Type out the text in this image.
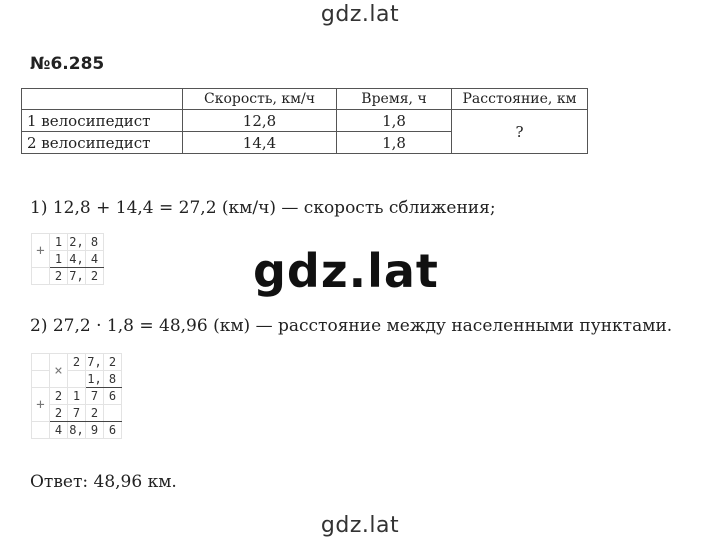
gdz.lat
№6.285
	Скорость, км/ч	Время, ч	Расстояние, км
1 велосипедист	12,8	1,8	?
2 велосипедист	14,4	1,8	
1) 12,8 + 14,4 = 27,2 (км/ч) — скорость сближения;
+	1	2,	8
	1	4,	4
	2	7,	2	gdz.lat
2) 27,2 · 1,8 = 48,96 (км) — расстояние между населенными пунктами.
	×	2	7,	2
			1,	8
+	2	1	7	6
	2	7	2	
	4	8,	9	6
Ответ: 48,96 км.
gdz.lat
